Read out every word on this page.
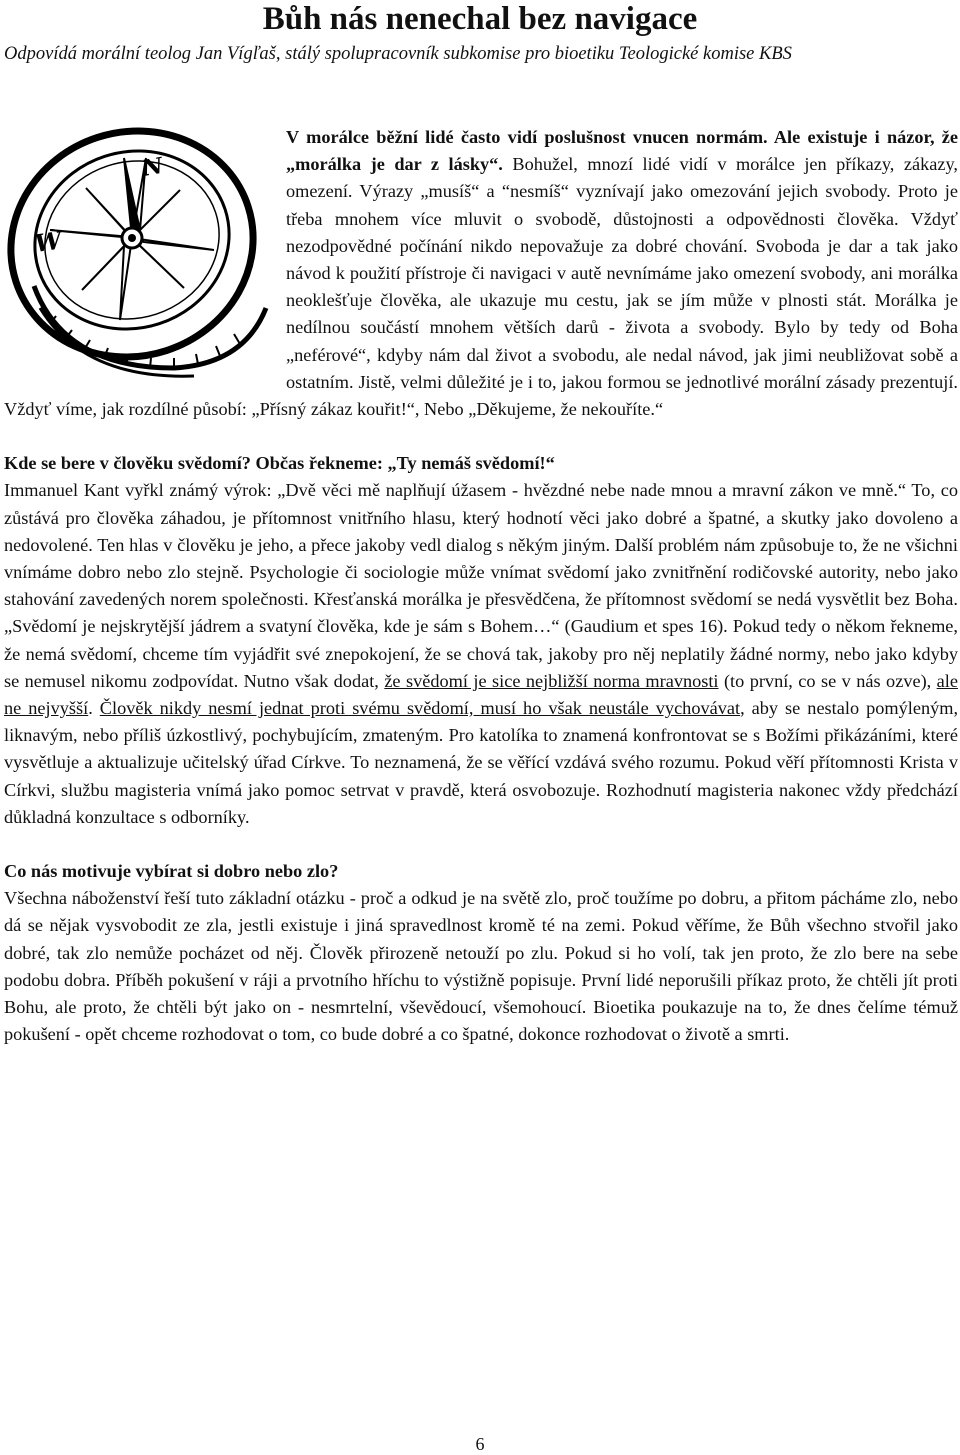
Bůh nás nenechal bez navigace

Odpovídá morální teolog Jan Vígľaš, stálý spolupracovník subkomise pro bioetiku Teologické komise KBS

N
W

V morálce běžní lidé často vidí poslušnost vnucen normám. Ale existuje i názor, že „morálka je dar z lásky“. Bohužel, mnozí lidé vidí v morálce jen příkazy, zákazy, omezení. Výrazy „musíš“ a “nesmíš“ vyznívají jako omezování jejich svobody. Proto je třeba mnohem více mluvit o svobodě, důstojnosti a odpovědnosti člověka. Vždyť nezodpovědné počínání nikdo nepovažuje za dobré chování. Svoboda je dar a tak jako návod k použití přístroje či navigaci v autě nevnímáme jako omezení svobody, ani morálka neoklešťuje člověka, ale ukazuje mu cestu, jak se jím může v plnosti stát. Morálka je nedílnou součástí mnohem větších darů - života a svobody. Bylo by tedy od Boha „neférové“, kdyby nám dal život a svobodu, ale nedal návod, jak jimi neubližovat sobě a ostatním. Jistě, velmi důležité je i to, jakou formou se jednotlivé morální zásady prezentují. Vždyť víme, jak rozdílné působí: „Přísný zákaz kouřit!“, Nebo „Děkujeme, že nekouříte.“

Kde se bere v člověku svědomí? Občas řekneme: „Ty nemáš svědomí!“

Immanuel Kant vyřkl známý výrok: „Dvě věci mě naplňují úžasem - hvězdné nebe nade mnou a mravní zákon ve mně.“ To, co zůstává pro člověka záhadou, je přítomnost vnitřního hlasu, který hodnotí věci jako dobré a špatné, a skutky jako dovoleno a nedovolené. Ten hlas v člověku je jeho, a přece jakoby vedl dialog s někým jiným. Další problém nám způsobuje to, že ne všichni vnímáme dobro nebo zlo stejně. Psychologie či sociologie může vnímat svědomí jako zvnitřnění rodičovské autority, nebo jako stahování zavedených norem společnosti. Křesťanská morálka je přesvědčena, že přítomnost svědomí se nedá vysvětlit bez Boha. „Svědomí je nejskrytější jádrem a svatyní člověka, kde je sám s Bohem…“ (Gaudium et spes 16). Pokud tedy o někom řekneme, že nemá svědomí, chceme tím vyjádřit své znepokojení, že se chová tak, jakoby pro něj neplatily žádné normy, nebo jako kdyby se nemusel nikomu zodpovídat. Nutno však dodat, že svědomí je sice nejbližší norma mravnosti (to první, co se v nás ozve), ale ne nejvyšší. Člověk nikdy nesmí jednat proti svému svědomí, musí ho však neustále vychovávat, aby se nestalo pomýleným, liknavým, nebo příliš úzkostlivý, pochybujícím, zmateným. Pro katolíka to znamená konfrontovat se s Božími přikázáními, které vysvětluje a aktualizuje učitelský úřad Církve. To neznamená, že se věřící vzdává svého rozumu. Pokud věří přítomnosti Krista v Církvi, službu magisteria vnímá jako pomoc setrvat v pravdě, která osvobozuje. Rozhodnutí magisteria nakonec vždy předchází důkladná konzultace s odborníky.

Co nás motivuje vybírat si dobro nebo zlo?

Všechna náboženství řeší tuto základní otázku - proč a odkud je na světě zlo, proč toužíme po dobru, a přitom pácháme zlo, nebo dá se nějak vysvobodit ze zla, jestli existuje i jiná spravedlnost kromě té na zemi. Pokud věříme, že Bůh všechno stvořil jako dobré, tak zlo nemůže pocházet od něj. Člověk přirozeně netouží po zlu. Pokud si ho volí, tak jen proto, že zlo bere na sebe podobu dobra. Příběh pokušení v ráji a prvotního hříchu to výstižně popisuje. První lidé neporušili příkaz proto, že chtěli jít proti Bohu, ale proto, že chtěli být jako on - nesmrtelní, vševědoucí, všemohoucí. Bioetika poukazuje na to, že dnes čelíme témuž pokušení - opět chceme rozhodovat o tom, co bude dobré a co špatné, dokonce rozhodovat o životě a smrti.

6
